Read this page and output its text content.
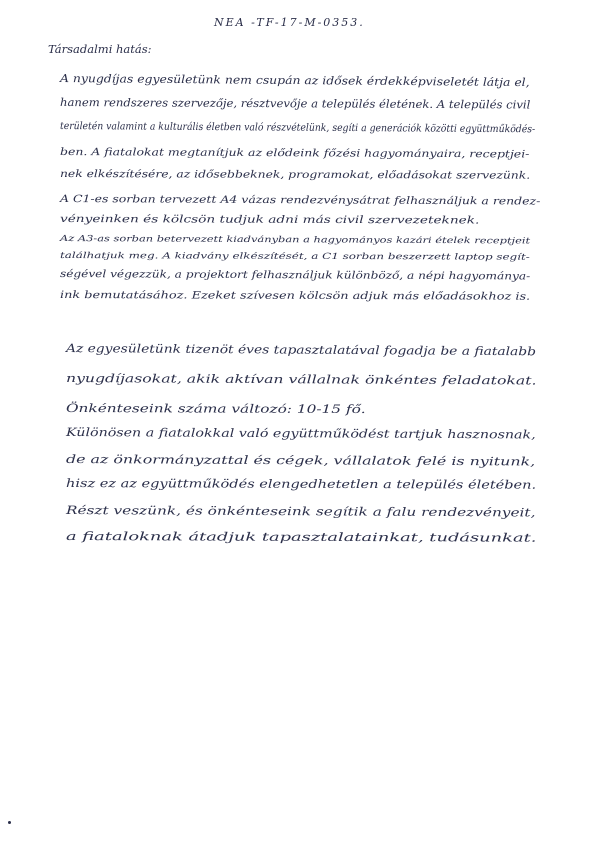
NEA -TF-17-M-0353.
Társadalmi hatás:
A nyugdíjas egyesületünk nem csupán az idősek érdekképviseletét látja el,
hanem rendszeres szervezője, résztvevője a település életének. A település civil
területén valamint a kulturális életben való részvételünk, segíti a generációk közötti együttműködés-
ben. A fiatalokat megtanítjuk az elődeink főzési hagyományaira, receptjei-
nek elkészítésére, az idősebbeknek, programokat, előadásokat szervezünk.
A C1-es sorban tervezett A4 vázas rendezvénysátrat felhasználjuk a rendez-
vényeinken és kölcsön tudjuk adni más civil szervezeteknek.
Az A3-as sorban betervezett kiadványban a hagyományos kazári ételek receptjeit
találhatjuk meg. A kiadvány elkészítését, a C1 sorban beszerzett laptop segít-
ségével végezzük, a projektort felhasználjuk különböző, a népi hagyománya-
ink bemutatásához. Ezeket szívesen kölcsön adjuk más előadásokhoz is.
Az egyesületünk tizenöt éves tapasztalatával fogadja be a fiatalabb
nyugdíjasokat, akik aktívan vállalnak önkéntes feladatokat.
Önkénteseink száma változó: 10-15 fő.
Különösen a fiatalokkal való együttműködést tartjuk hasznosnak,
de az önkormányzattal és cégek, vállalatok felé is nyitunk,
hisz ez az együttműködés elengedhetetlen a település életében.
Részt veszünk, és önkénteseink segítik a falu rendezvényeit,
a fiataloknak átadjuk tapasztalatainkat, tudásunkat.
